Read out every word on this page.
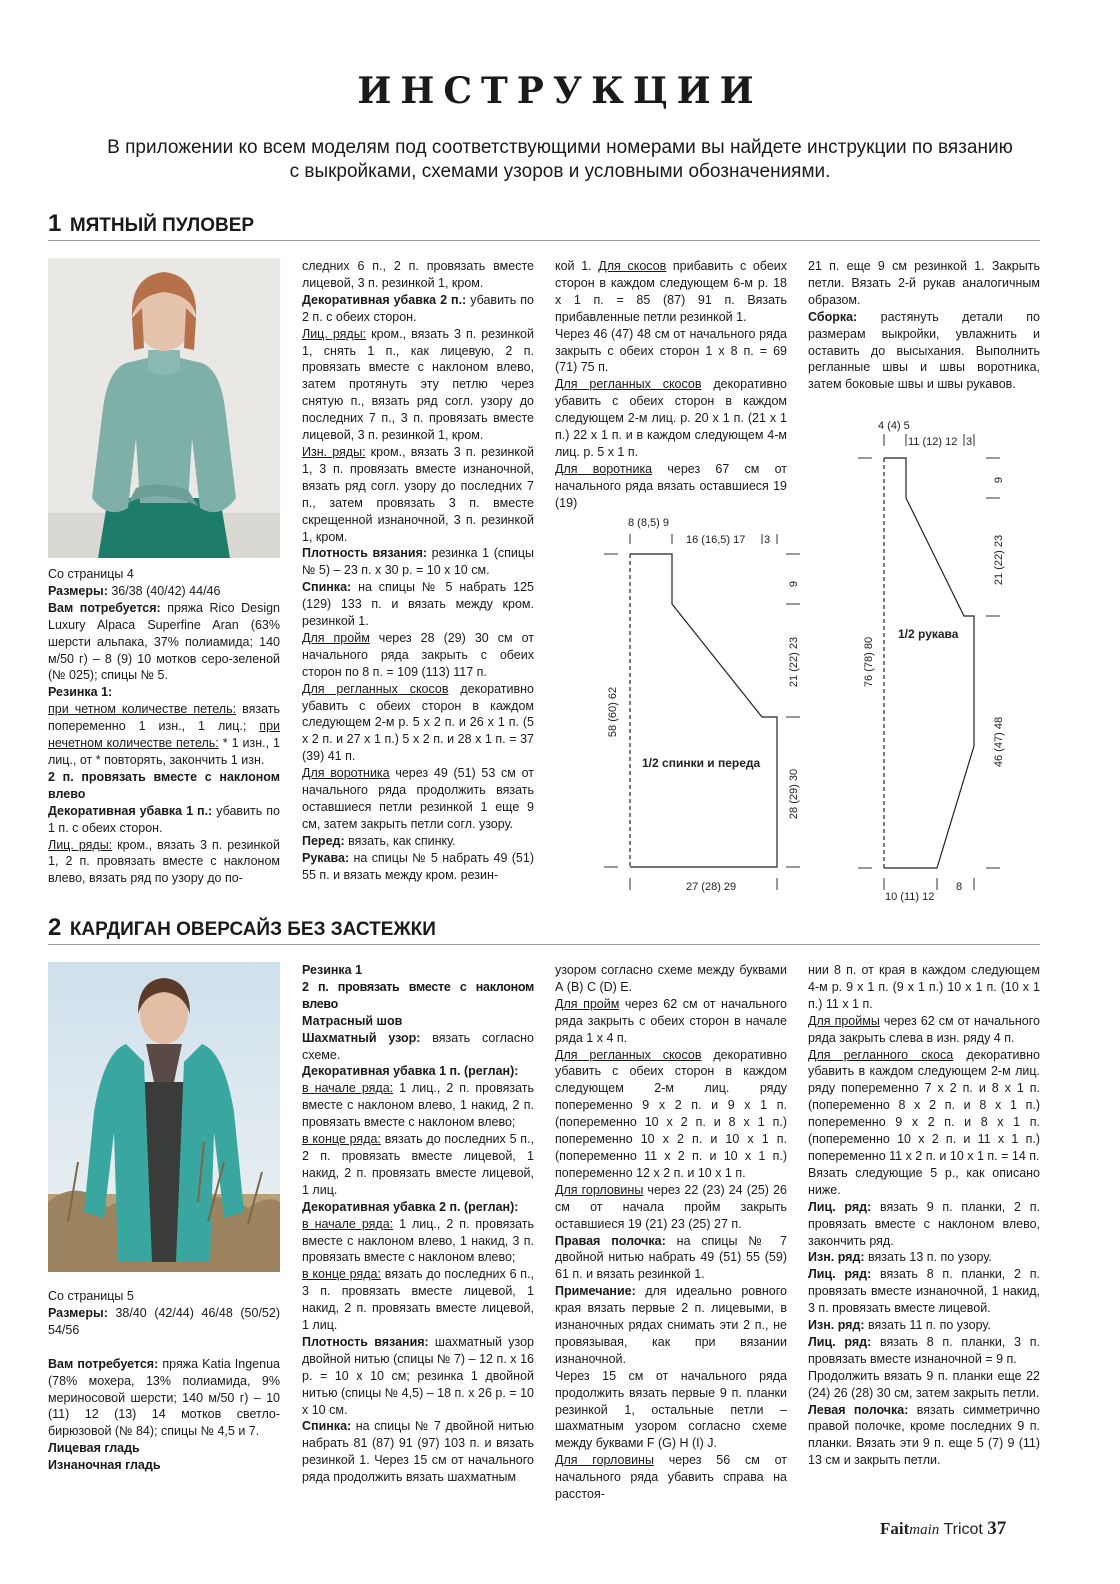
ИНСТРУКЦИИ
В приложении ко всем моделям под соответствующими номерами вы найдете инструкции по вязанию
с выкройками, схемами узоров и условными обозначениями.
1 МЯТНЫЙ ПУЛОВЕР

Со страницы 4

Размеры: 36/38 (40/42) 44/46

Вам потребуется: пряжа Rico Design Luxury Alpaca Superfine Aran (63% шерсти альпака, 37% полиамида; 140 м/50 г) – 8 (9) 10 мотков серо-зеленой (№ 025); спицы № 5.

Резинка 1:

при четном количестве петель: вязать попеременно 1 изн., 1 лиц.; при нечетном количестве петель: * 1 изн., 1 лиц., от * повторять, закончить 1 изн.

2 п. провязать вместе с наклоном влево

Декоративная убавка 1 п.: убавить по 1 п. с обеих сторон.

Лиц. ряды: кром., вязать 3 п. резинкой 1, 2 п. провязать вместе с наклоном влево, вязать ряд по узору до по-

следних 6 п., 2 п. провязать вместе лицевой, 3 п. резинкой 1, кром.

Декоративная убавка 2 п.: убавить по 2 п. с обеих сторон.

Лиц. ряды: кром., вязать 3 п. резинкой 1, снять 1 п., как лицевую, 2 п. провязать вместе с наклоном влево, затем протянуть эту петлю через снятую п., вязать ряд согл. узору до последних 7 п., 3 п. провязать вместе лицевой, 3 п. резинкой 1, кром.

Изн. ряды: кром., вязать 3 п. резинкой 1, 3 п. провязать вместе изнаночной, вязать ряд согл. узору до последних 7 п., затем провязать 3 п. вместе скрещенной изнаночной, 3 п. резинкой 1, кром.

Плотность вязания: резинка 1 (спицы № 5) – 23 п. х 30 р. = 10 х 10 см.

Спинка: на спицы № 5 набрать 125 (129) 133 п. и вязать между кром. резинкой 1.

Для пройм через 28 (29) 30 см от начального ряда закрыть с обеих сторон по 8 п. = 109 (113) 117 п.

Для регланных скосов декоративно убавить с обеих сторон в каждом следующем 2-м р. 5 х 2 п. и 26 х 1 п. (5 х 2 п. и 27 х 1 п.) 5 х 2 п. и 28 х 1 п. = 37 (39) 41 п.

Для воротника через 49 (51) 53 см от начального ряда продолжить вязать оставшиеся петли резинкой 1 еще 9 см, затем закрыть петли согл. узору.

Перед: вязать, как спинку.

Рукава: на спицы № 5 набрать 49 (51) 55 п. и вязать между кром. резин-

кой 1. Для скосов прибавить с обеих сторон в каждом следующем 6-м р. 18 х 1 п. = 85 (87) 91 п. Вязать прибавленные петли резинкой 1.

Через 46 (47) 48 см от начального ряда закрыть с обеих сторон 1 х 8 п. = 69 (71) 75 п.

Для регланных скосов декоративно убавить с обеих сторон в каждом следующем 2-м лиц. р. 20 х 1 п. (21 х 1 п.) 22 х 1 п. и в каждом следующем 4-м лиц. р. 5 х 1 п.

Для воротника через 67 см от начального ряда вязать оставшиеся 19 (19)

21 п. еще 9 см резинкой 1. Закрыть петли. Вязать 2-й рукав аналогичным образом.

Сборка: растянуть детали по размерам выкройки, увлажнить и оставить до высыхания. Выполнить регланные швы и швы воротника, затем боковые швы и швы рукавов.

8 (8,5) 9
16 (16,5) 17 3
27 (28) 29
9
21 (22) 23
28 (29) 30
58 (60) 62
1/2 спинки и переда
4 (4) 5
11 (12) 12 3
10 (11) 12
8
9
21 (22) 23
46 (47) 48
76 (78) 80
1/2 рукава
2 КАРДИГАН ОВЕРСАЙЗ БЕЗ ЗАСТЕЖКИ

Со страницы 5

Размеры: 38/40 (42/44) 46/48 (50/52) 54/56

Вам потребуется: пряжа Katia Ingenua (78% мохера, 13% полиамида, 9% мериносовой шерсти; 140 м/50 г) – 10 (11) 12 (13) 14 мотков светло-бирюзовой (№ 84); спицы № 4,5 и 7.

Лицевая гладь

Изнаночная гладь

Резинка 1

2 п. провязать вместе с наклоном влево

Матрасный шов

Шахматный узор: вязать согласно схеме.

Декоративная убавка 1 п. (реглан):

в начале ряда: 1 лиц., 2 п. провязать вместе с наклоном влево, 1 накид, 2 п. провязать вместе с наклоном влево;

в конце ряда: вязать до последних 5 п., 2 п. провязать вместе лицевой, 1 накид, 2 п. провязать вместе лицевой, 1 лиц.

Декоративная убавка 2 п. (реглан):

в начале ряда: 1 лиц., 2 п. провязать вместе с наклоном влево, 1 накид, 3 п. провязать вместе с наклоном влево;

в конце ряда: вязать до последних 6 п., 3 п. провязать вместе лицевой, 1 накид, 2 п. провязать вместе лицевой, 1 лиц.

Плотность вязания: шахматный узор двойной нитью (спицы № 7) – 12 п. х 16 р. = 10 х 10 см; резинка 1 двойной нитью (спицы № 4,5) – 18 п. х 26 р. = 10 х 10 см.

Спинка: на спицы № 7 двойной нитью набрать 81 (87) 91 (97) 103 п. и вязать резинкой 1. Через 15 см от начального ряда продолжить вязать шахматным

узором согласно схеме между буквами А (В) С (D) Е.

Для пройм через 62 см от начального ряда закрыть с обеих сторон в начале ряда 1 х 4 п.

Для регланных скосов декоративно убавить с обеих сторон в каждом следующем 2-м лиц. ряду попеременно 9 х 2 п. и 9 х 1 п. (попеременно 10 х 2 п. и 8 х 1 п.) попеременно 10 х 2 п. и 10 х 1 п. (попеременно 11 х 2 п. и 10 х 1 п.) попеременно 12 х 2 п. и 10 х 1 п.

Для горловины через 22 (23) 24 (25) 26 см от начала пройм закрыть оставшиеся 19 (21) 23 (25) 27 п.

Правая полочка: на спицы № 7 двойной нитью набрать 49 (51) 55 (59) 61 п. и вязать резинкой 1.

Примечание: для идеально ровного края вязать первые 2 п. лицевыми, в изнаночных рядах снимать эти 2 п., не провязывая, как при вязании изнаночной.

Через 15 см от начального ряда продолжить вязать первые 9 п. планки резинкой 1, остальные петли – шахматным узором согласно схеме между буквами F (G) H (I) J.

Для горловины через 56 см от начального ряда убавить справа на расстоя-

нии 8 п. от края в каждом следующем 4-м р. 9 х 1 п. (9 х 1 п.) 10 х 1 п. (10 х 1 п.) 11 х 1 п.

Для проймы через 62 см от начального ряда закрыть слева в изн. ряду 4 п.

Для регланного скоса декоративно убавить в каждом следующем 2-м лиц. ряду попеременно 7 х 2 п. и 8 х 1 п. (попеременно 8 х 2 п. и 8 х 1 п.) попеременно 9 х 2 п. и 8 х 1 п. (попеременно 10 х 2 п. и 11 х 1 п.) попеременно 11 х 2 п. и 10 х 1 п. = 14 п.

Вязать следующие 5 р., как описано ниже.

Лиц. ряд: вязать 9 п. планки, 2 п. провязать вместе с наклоном влево, закончить ряд.

Изн. ряд: вязать 13 п. по узору.

Лиц. ряд: вязать 8 п. планки, 2 п. провязать вместе изнаночной, 1 накид, 3 п. провязать вместе лицевой.

Изн. ряд: вязать 11 п. по узору.

Лиц. ряд: вязать 8 п. планки, 3 п. провязать вместе изнаночной = 9 п.

Продолжить вязать 9 п. планки еще 22 (24) 26 (28) 30 см, затем закрыть петли.

Левая полочка: вязать симметрично правой полочке, кроме последних 9 п. планки. Вязать эти 9 п. еще 5 (7) 9 (11) 13 см и закрыть петли.

Faitmain Tricot 37
